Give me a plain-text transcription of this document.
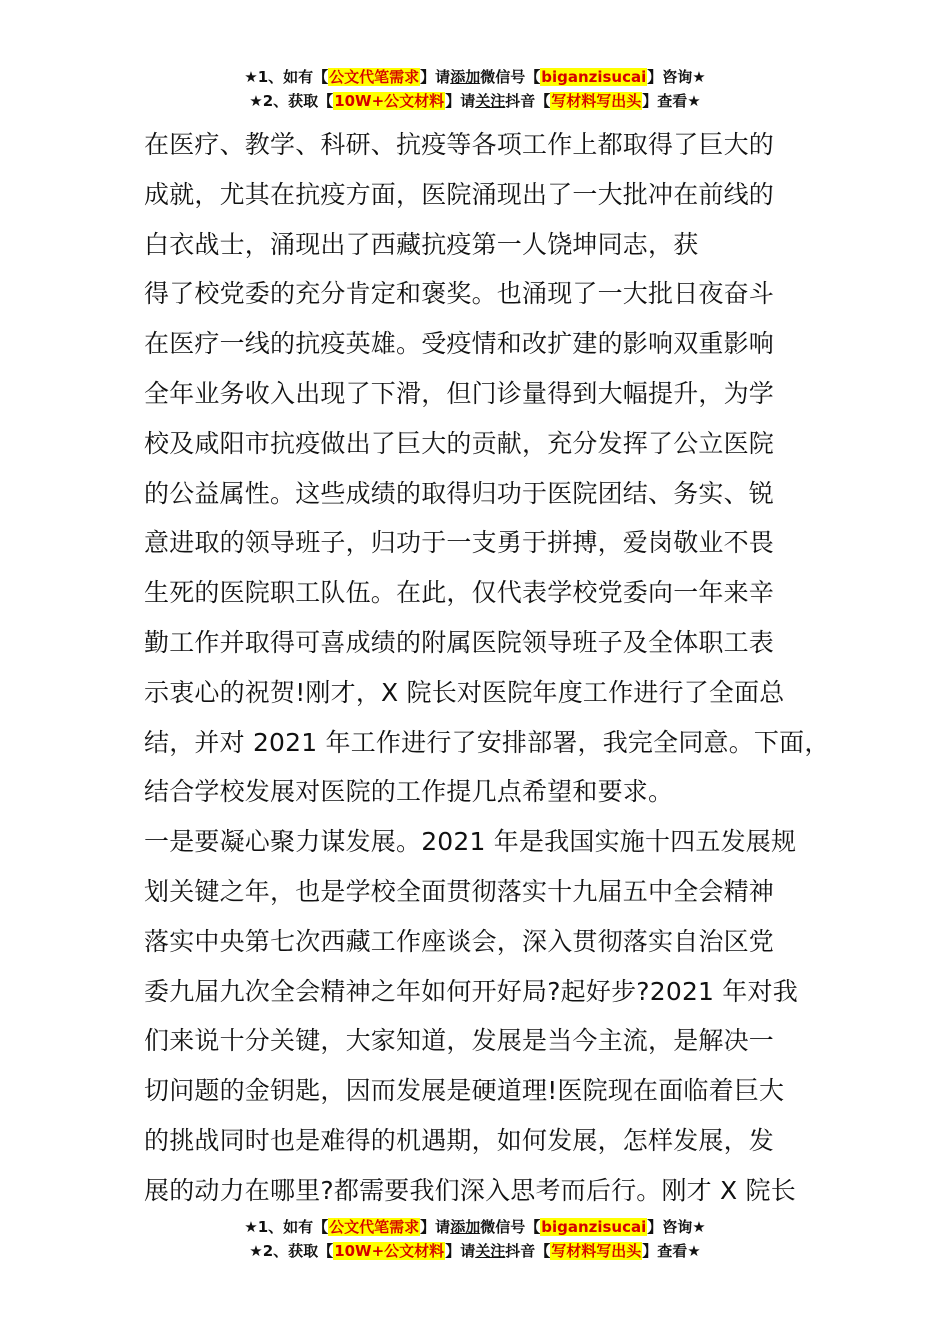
★1、如有【公文代笔需求】请添加微信号【biganzisucai】咨询★
★2、获取【10W+公文材料】请关注抖音【写材料写出头】查看★
在医疗、教学、科研、抗疫等各项工作上都取得了巨大的
成就，尤其在抗疫方面，医院涌现出了一大批冲在前线的
白衣战士，涌现出了西藏抗疫第一人饶坤同志，获
得了校党委的充分肯定和褒奖。也涌现了一大批日夜奋斗
在医疗一线的抗疫英雄。受疫情和改扩建的影响双重影响
全年业务收入出现了下滑，但门诊量得到大幅提升，为学
校及咸阳市抗疫做出了巨大的贡献，充分发挥了公立医院
的公益属性。这些成绩的取得归功于医院团结、务实、锐
意进取的领导班子，归功于一支勇于拼搏，爱岗敬业不畏
生死的医院职工队伍。在此，仅代表学校党委向一年来辛
勤工作并取得可喜成绩的附属医院领导班子及全体职工表
示衷心的祝贺!刚才，X 院长对医院年度工作进行了全面总
结，并对 2021 年工作进行了安排部署，我完全同意。下面，
结合学校发展对医院的工作提几点希望和要求。
一是要凝心聚力谋发展。2021 年是我国实施十四五发展规
划关键之年，也是学校全面贯彻落实十九届五中全会精神
落实中央第七次西藏工作座谈会，深入贯彻落实自治区党
委九届九次全会精神之年如何开好局?起好步?2021 年对我
们来说十分关键，大家知道，发展是当今主流，是解决一
切问题的金钥匙，因而发展是硬道理!医院现在面临着巨大
的挑战同时也是难得的机遇期，如何发展，怎样发展，发
展的动力在哪里?都需要我们深入思考而后行。刚才 X 院长
★1、如有【公文代笔需求】请添加微信号【biganzisucai】咨询★
★2、获取【10W+公文材料】请关注抖音【写材料写出头】查看★
